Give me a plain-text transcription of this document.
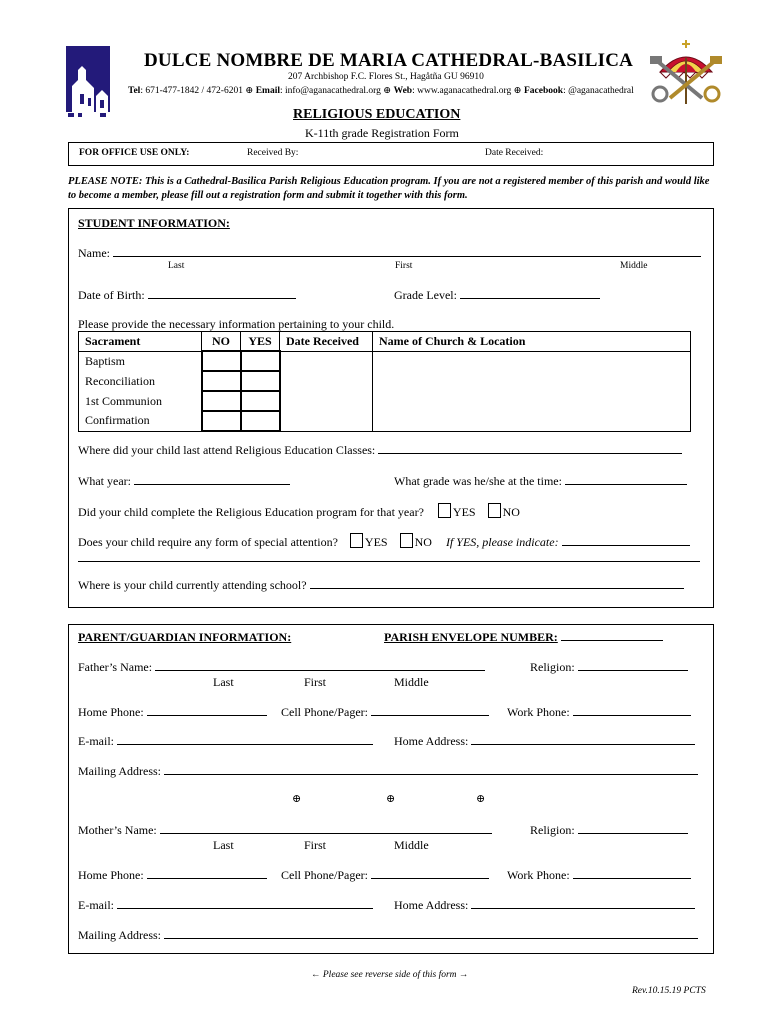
DULCE NOMBRE DE MARIA CATHEDRAL-BASILICA
207 Archbishop F.C. Flores St., Hagåtña GU 96910
Tel: 671-477-1842 / 472-6201 ⊕ Email: info@aganacathedral.org ⊕ Web: www.aganacathedral.org ⊕ Facebook: @aganacathedral
RELIGIOUS EDUCATION
K-11th grade Registration Form
FOR OFFICE USE ONLY:	Received By:	Date Received:
PLEASE NOTE: This is a Cathedral-Basilica Parish Religious Education program. If you are not a registered member of this parish and would like to become a member, please fill out a registration form and submit it together with this form.
STUDENT INFORMATION:
Name:
Last	First	Middle
Date of Birth:	Grade Level:
Please provide the necessary information pertaining to your child.
Sacrament	NO	YES	Date Received	Name of Church & Location
Baptism				
Reconciliation				
1st Communion				
Confirmation				
Where did your child last attend Religious Education Classes:
What year:	What grade was he/she at the time:
Did your child complete the Religious Education program for that year? YES NO
Does your child require any form of special attention? YES NO If YES, please indicate:
Where is your child currently attending school?
PARENT/GUARDIAN INFORMATION:	PARISH ENVELOPE NUMBER:
Father’s Name:	Religion:
Last	First	Middle
Home Phone:	Cell Phone/Pager:	Work Phone:
E-mail:	Home Address:
Mailing Address:
⊕	⊕	⊕
Mother’s Name:	Religion:
Last	First	Middle
Home Phone:	Cell Phone/Pager:	Work Phone:
E-mail:	Home Address:
Mailing Address:
← Please see reverse side of this form →
Rev.10.15.19 PCTS
